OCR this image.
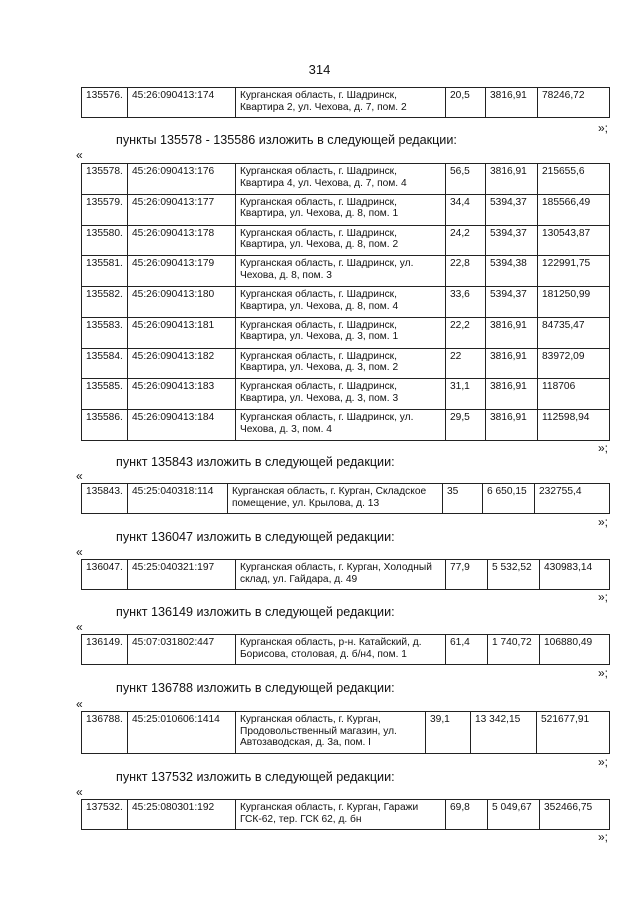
314
135576.	45:26:090413:174	Курганская область, г. Шадринск, Квартира 2, ул. Чехова, д. 7, пом. 2	20,5	3816,91	78246,72
»;
пункты 135578 - 135586 изложить в следующей редакции:
«
135578.	45:26:090413:176	Курганская область, г. Шадринск, Квартира 4, ул. Чехова, д. 7, пом. 4	56,5	3816,91	215655,6
135579.	45:26:090413:177	Курганская область, г. Шадринск, Квартира, ул. Чехова, д. 8, пом. 1	34,4	5394,37	185566,49
135580.	45:26:090413:178	Курганская область, г. Шадринск, Квартира, ул. Чехова, д. 8, пом. 2	24,2	5394,37	130543,87
135581.	45:26:090413:179	Курганская область, г. Шадринск, ул. Чехова, д. 8, пом. 3	22,8	5394,38	122991,75
135582.	45:26:090413:180	Курганская область, г. Шадринск, Квартира, ул. Чехова, д. 8, пом. 4	33,6	5394,37	181250,99
135583.	45:26:090413:181	Курганская область, г. Шадринск, Квартира, ул. Чехова, д. 3, пом. 1	22,2	3816,91	84735,47
135584.	45:26:090413:182	Курганская область, г. Шадринск, Квартира, ул. Чехова, д. 3, пом. 2	22	3816,91	83972,09
135585.	45:26:090413:183	Курганская область, г. Шадринск, Квартира, ул. Чехова, д. 3, пом. 3	31,1	3816,91	118706
135586.	45:26:090413:184	Курганская область, г. Шадринск, ул. Чехова, д. 3, пом. 4	29,5	3816,91	112598,94
»;
пункт 135843 изложить в следующей редакции:
«
135843.	45:25:040318:114	Курганская область, г. Курган, Складское помещение, ул. Крылова, д. 13	35	6 650,15	232755,4
»;
пункт 136047 изложить в следующей редакции:
«
136047.	45:25:040321:197	Курганская область, г. Курган, Холодный склад, ул. Гайдара, д. 49	77,9	5 532,52	430983,14
»;
пункт 136149 изложить в следующей редакции:
«
136149.	45:07:031802:447	Курганская область, р-н. Катайский, д. Борисова, столовая, д. б/н4, пом. 1	61,4	1 740,72	106880,49
»;
пункт 136788 изложить в следующей редакции:
«
136788.	45:25:010606:1414	Курганская область, г. Курган, Продовольственный магазин, ул. Автозаводская, д. 3а, пом. I	39,1	13 342,15	521677,91
»;
пункт 137532 изложить в следующей редакции:
«
137532.	45:25:080301:192	Курганская область, г. Курган, Гаражи ГСК-62, тер. ГСК 62, д. бн	69,8	5 049,67	352466,75
»;
